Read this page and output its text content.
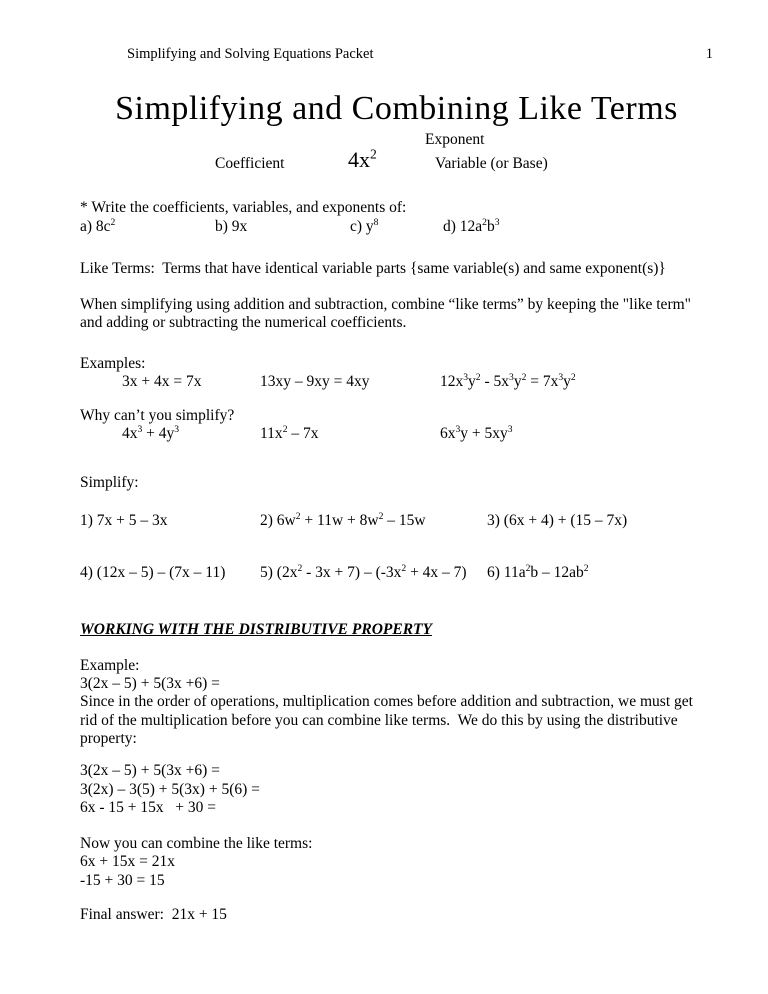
Simplifying and Solving Equations Packet	1
Simplifying and Combining Like Terms
Exponent
Coefficient	$4x^2$
Variable (or Base)

* Write the coefficients, variables, and exponents of:

a) $8c^2$	b) 9x	c) $y^8$	d) $12a^2b^3$

Like Terms:  Terms that have identical variable parts {same variable(s) and same exponent(s)}

When simplifying using addition and subtraction, combine “like terms” by keeping the "like term" and adding or subtracting the numerical coefficients.

Examples:

3x + 4x = 7x	13xy – 9xy = 4xy	$12x^3y^2 - 5x^3y^2 = 7x^3y^2$

Why can’t you simplify?

$4x^3 + 4y^3$	$11x^2 - 7x$	$6x^3y + 5xy^3$

Simplify:

1) 7x + 5 – 3x	2) $6w^2 + 11w + 8w^2 - 15w$	3) (6x + 4) + (15 – 7x)
4) (12x – 5) – (7x – 11)	5) $(2x^2 - 3x + 7) - (-3x^2 + 4x - 7)$	6) $11a^2b - 12ab^2$

WORKING WITH THE DISTRIBUTIVE PROPERTY

Example:

3(2x – 5) + 5(3x +6) =

Since in the order of operations, multiplication comes before addition and subtraction, we must get rid of the multiplication before you can combine like terms.  We do this by using the distributive property:

3(2x – 5) + 5(3x +6) =

3(2x) – 3(5) + 5(3x) + 5(6) =

6x - 15 + 15x   + 30 =

Now you can combine the like terms:

6x + 15x = 21x

-15 + 30 = 15

Final answer:  21x + 15
